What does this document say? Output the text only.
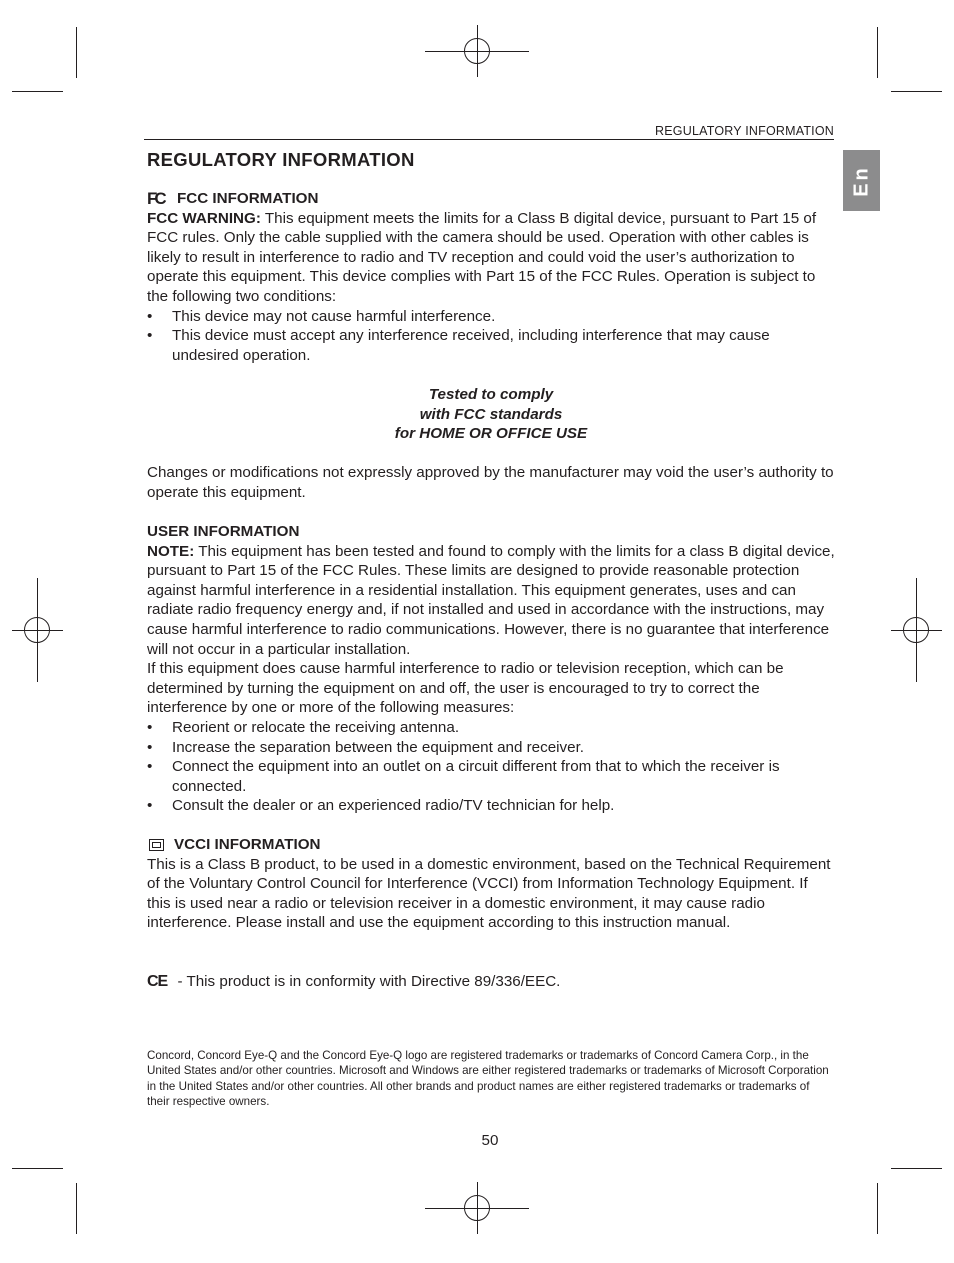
REGULATORY INFORMATION
REGULATORY INFORMATION
En
FC FCC INFORMATION

FCC WARNING: This equipment meets the limits for a Class B digital device, pursuant to Part 15 of FCC rules. Only the cable supplied with the camera should be used. Operation with other cables is likely to result in interference to radio and TV reception and could void the user’s authorization to operate this equipment. This device complies with Part 15 of the FCC Rules. Operation is subject to the following two conditions:

• This device may not cause harmful interference.
• This device must accept any interference received, including interference that may cause undesired operation.
Tested to comply
with FCC standards
for HOME OR OFFICE USE

Changes or modifications not expressly approved by the manufacturer may void the user’s authority to operate this equipment.

USER INFORMATION

NOTE: This equipment has been tested and found to comply with the limits for a class B digital device, pursuant to Part 15 of the FCC Rules. These limits are designed to provide reasonable protection against harmful interference in a residential installation. This equipment generates, uses and can radiate radio frequency energy and, if not installed and used in accordance with the instructions, may cause harmful interference to radio communications. However, there is no guarantee that interference will not occur in a particular installation.

If this equipment does cause harmful interference to radio or television reception, which can be determined by turning the equipment on and off, the user is encouraged to try to correct the interference by one or more of the following measures:

• Reorient or relocate the receiving antenna.
• Increase the separation between the equipment and receiver.
• Connect the equipment into an outlet on a circuit different from that to which the receiver is connected.
• Consult the dealer or an experienced radio/TV technician for help.
VCCI INFORMATION

This is a Class B product, to be used in a domestic environment, based on the Technical Requirement of the Voluntary Control Council for Interference (VCCI) from Information Technology Equipment. If this is used near a radio or television receiver in a domestic environment, it may cause radio interference. Please install and use the equipment according to this instruction manual.

CE - This product is in conformity with Directive 89/336/EEC.

Concord, Concord Eye-Q and the Concord Eye-Q logo are registered trademarks or trademarks of Concord Camera Corp., in the United States and/or other countries. Microsoft and Windows are either registered trademarks or trademarks of Microsoft Corporation in the United States and/or other countries. All other brands and product names are either registered trademarks or trademarks of their respective owners.
50
